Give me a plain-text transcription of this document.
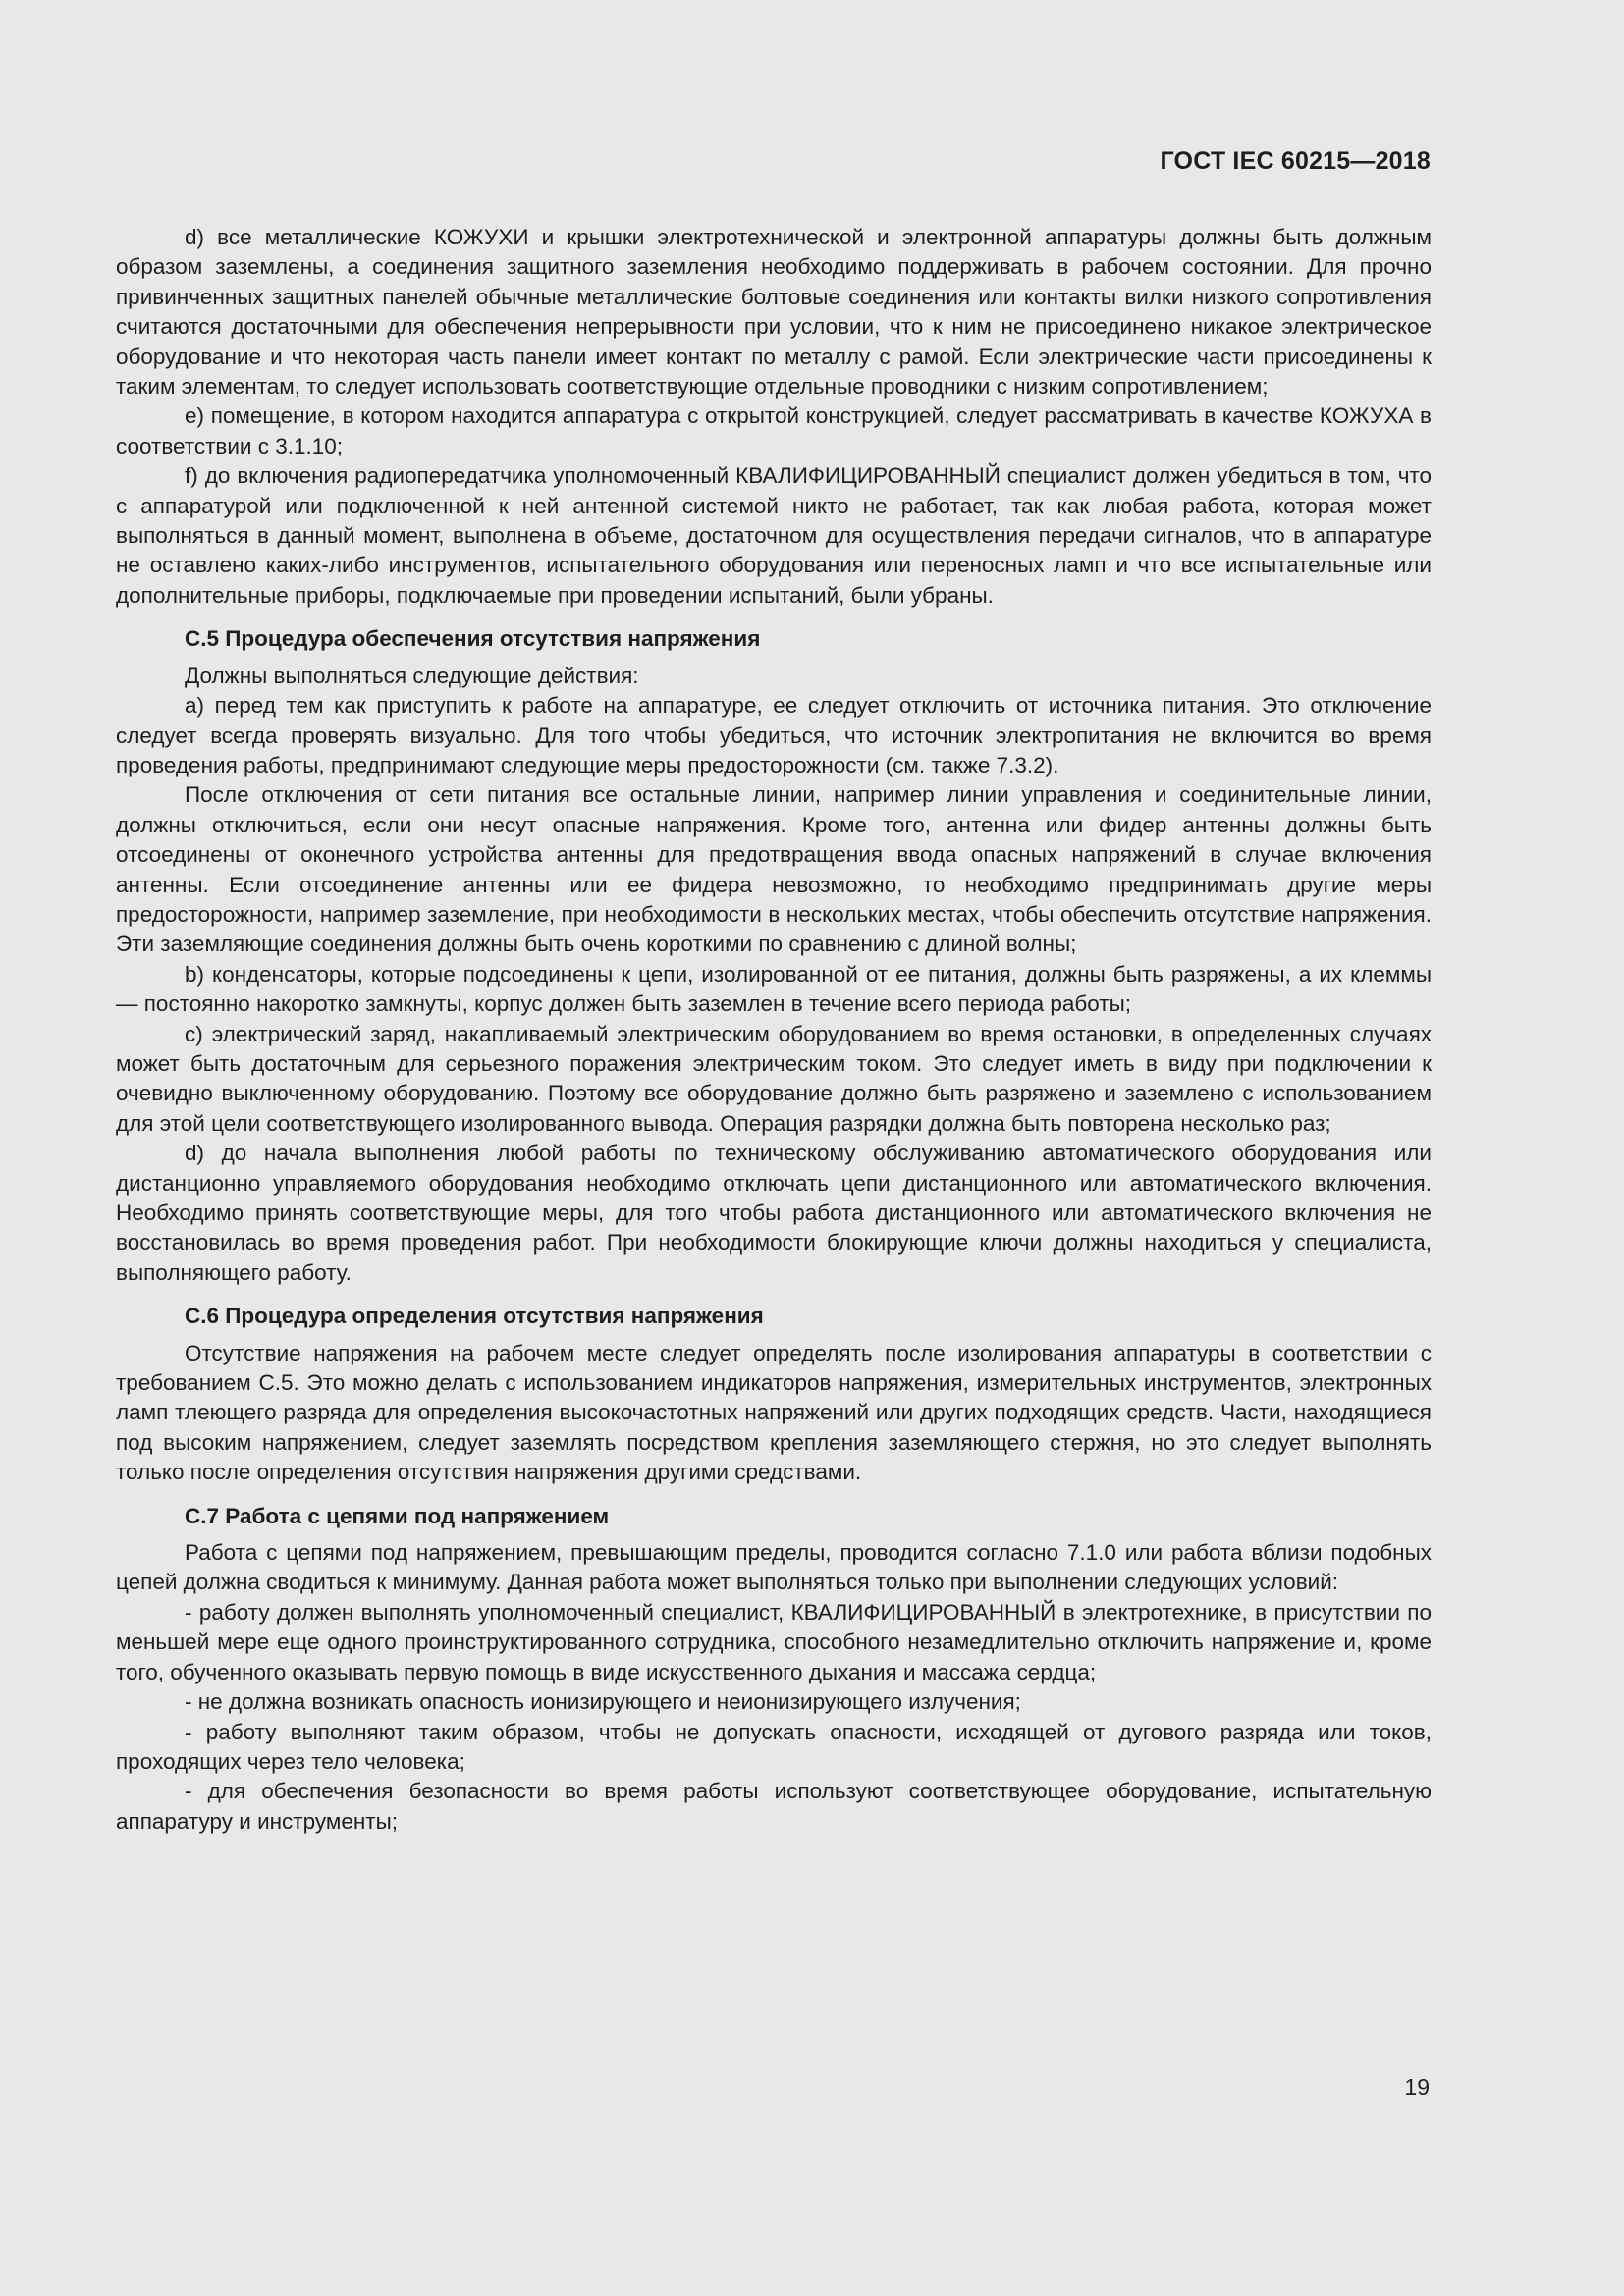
ГОСТ IEC 60215—2018

d) все металлические КОЖУХИ и крышки электротехнической и электронной аппаратуры должны быть должным образом заземлены, а соединения защитного заземления необходимо поддерживать в рабочем состоянии. Для прочно привинченных защитных панелей обычные металлические болтовые соединения или контакты вилки низкого сопротивления считаются достаточными для обеспечения непрерывности при условии, что к ним не присоединено никакое электрическое оборудование и что некоторая часть панели имеет контакт по металлу с рамой. Если электрические части присоединены к таким элементам, то следует использовать соответствующие отдельные проводники с низким сопротивлением;

e) помещение, в котором находится аппаратура с открытой конструкцией, следует рассматривать в качестве КОЖУХА в соответствии с 3.1.10;

f) до включения радиопередатчика уполномоченный КВАЛИФИЦИРОВАННЫЙ специалист должен убедиться в том, что с аппаратурой или подключенной к ней антенной системой никто не работает, так как любая работа, которая может выполняться в данный момент, выполнена в объеме, достаточном для осуществления передачи сигналов, что в аппаратуре не оставлено каких-либо инструментов, испытательного оборудования или переносных ламп и что все испытательные или дополнительные приборы, подключаемые при проведении испытаний, были убраны.

С.5 Процедура обеспечения отсутствия напряжения

Должны выполняться следующие действия:

а) перед тем как приступить к работе на аппаратуре, ее следует отключить от источника питания. Это отключение следует всегда проверять визуально. Для того чтобы убедиться, что источник электропитания не включится во время проведения работы, предпринимают следующие меры предосторожности (см. также 7.3.2).

После отключения от сети питания все остальные линии, например линии управления и соединительные линии, должны отключиться, если они несут опасные напряжения. Кроме того, антенна или фидер антенны должны быть отсоединены от оконечного устройства антенны для предотвращения ввода опасных напряжений в случае включения антенны. Если отсоединение антенны или ее фидера невозможно, то необходимо предпринимать другие меры предосторожности, например заземление, при необходимости в нескольких местах, чтобы обеспечить отсутствие напряжения. Эти заземляющие соединения должны быть очень короткими по сравнению с длиной волны;

b) конденсаторы, которые подсоединены к цепи, изолированной от ее питания, должны быть разряжены, а их клеммы — постоянно накоротко замкнуты, корпус должен быть заземлен в течение всего периода работы;

с) электрический заряд, накапливаемый электрическим оборудованием во время остановки, в определенных случаях может быть достаточным для серьезного поражения электрическим током. Это следует иметь в виду при подключении к очевидно выключенному оборудованию. Поэтому все оборудование должно быть разряжено и заземлено с использованием для этой цели соответствующего изолированного вывода. Операция разрядки должна быть повторена несколько раз;

d) до начала выполнения любой работы по техническому обслуживанию автоматического оборудования или дистанционно управляемого оборудования необходимо отключать цепи дистанционного или автоматического включения. Необходимо принять соответствующие меры, для того чтобы работа дистанционного или автоматического включения не восстановилась во время проведения работ. При необходимости блокирующие ключи должны находиться у специалиста, выполняющего работу.

С.6 Процедура определения отсутствия напряжения

Отсутствие напряжения на рабочем месте следует определять после изолирования аппаратуры в соответствии с требованием С.5. Это можно делать с использованием индикаторов напряжения, измерительных инструментов, электронных ламп тлеющего разряда для определения высокочастотных напряжений или других подходящих средств. Части, находящиеся под высоким напряжением, следует заземлять посредством крепления заземляющего стержня, но это следует выполнять только после определения отсутствия напряжения другими средствами.

С.7 Работа с цепями под напряжением

Работа с цепями под напряжением, превышающим пределы, проводится согласно 7.1.0 или работа вблизи подобных цепей должна сводиться к минимуму. Данная работа может выполняться только при выполнении следующих условий:

- работу должен выполнять уполномоченный специалист, КВАЛИФИЦИРОВАННЫЙ в электротехнике, в присутствии по меньшей мере еще одного проинструктированного сотрудника, способного незамедлительно отключить напряжение и, кроме того, обученного оказывать первую помощь в виде искусственного дыхания и массажа сердца;

- не должна возникать опасность ионизирующего и неионизирующего излучения;

- работу выполняют таким образом, чтобы не допускать опасности, исходящей от дугового разряда или токов, проходящих через тело человека;

- для обеспечения безопасности во время работы используют соответствующее оборудование, испытательную аппаратуру и инструменты;

19
